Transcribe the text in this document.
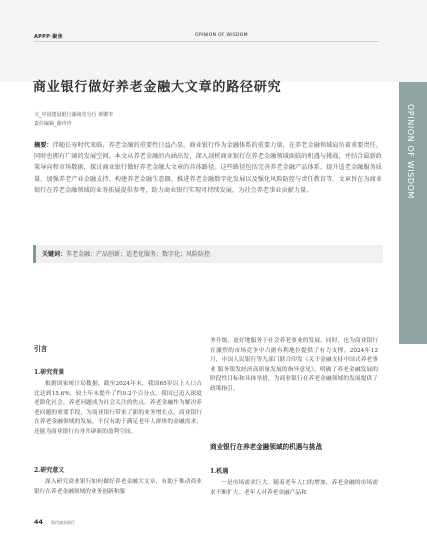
APPP·聚焦	OPINION OF WISDOM
OPINION OF WISDOM
商业银行做好养老金融大文章的路径研究
文_中国建设银行湖南省分行 黄姗李
责任编辑_曲玲玲
摘要：伴随长寿时代来临，养老金融的重要性日益凸显。商业银行作为金融体系的重要力量，在养老金融领域肩负着重要责任，同时也拥有广阔的发展空间。本文从养老金融的内涵出发，深入剖析商业银行在养老金融领域面临的机遇与挑战，并结合最新政策导向和市场数据，探讨商业银行做好养老金融大文章的具体路径。这些路径包括完善养老金融产品体系、提升适老金融服务质量、加强养老产业金融支持、构建养老金融生态圈、推进养老金融数字化发展以及强化风险防控与责任教育等。文章旨在为商业银行在养老金融领域的业务拓展提供参考，助力商业银行实现可持续发展，为社会养老事业贡献力量。
关键词：养老金融；产品创新；适老化服务；数字化；风险防控
引言
1.研究背景

根据国家统计局数据，截至2024年末，我国65岁以上人口占比达到15.6%，较上年末提升了约0.2个百分点。我国已迈入深度老龄化社会，养老问题成为社会关注的焦点。养老金融作为解决养老问题的重要手段，为商业银行带来了新的业务增长点。商业银行在养老金融领域的发展，不仅有助于满足老年人群体的金融需求，还能为商业银行自身开辟新的盈利空间。

2.研究意义

深入研究商业银行如何做好养老金融大文章，有助于推动商业银行在养老金融领域的业务创新和服

务升级，更好地服务于社会养老事业的发展。同时，也为商业银行在激烈的市场竞争中占据有利地位提供了有力支撑。2024年12月，中国人民银行等九部门联合印发《关于金融支持中国式养老事业 服务银发经济高质量发展的指导意见》，明确了养老金融发展的阶段性目标和具体举措，为商业银行在养老金融领域的发展提供了政策指引。

商业银行在养老金融领域的机遇与挑战
1.机遇

一是市场需求巨大。随着老年人口的增加，养老金融的市场需求不断扩大。老年人对养老金融产品和

44 现代商业银行
